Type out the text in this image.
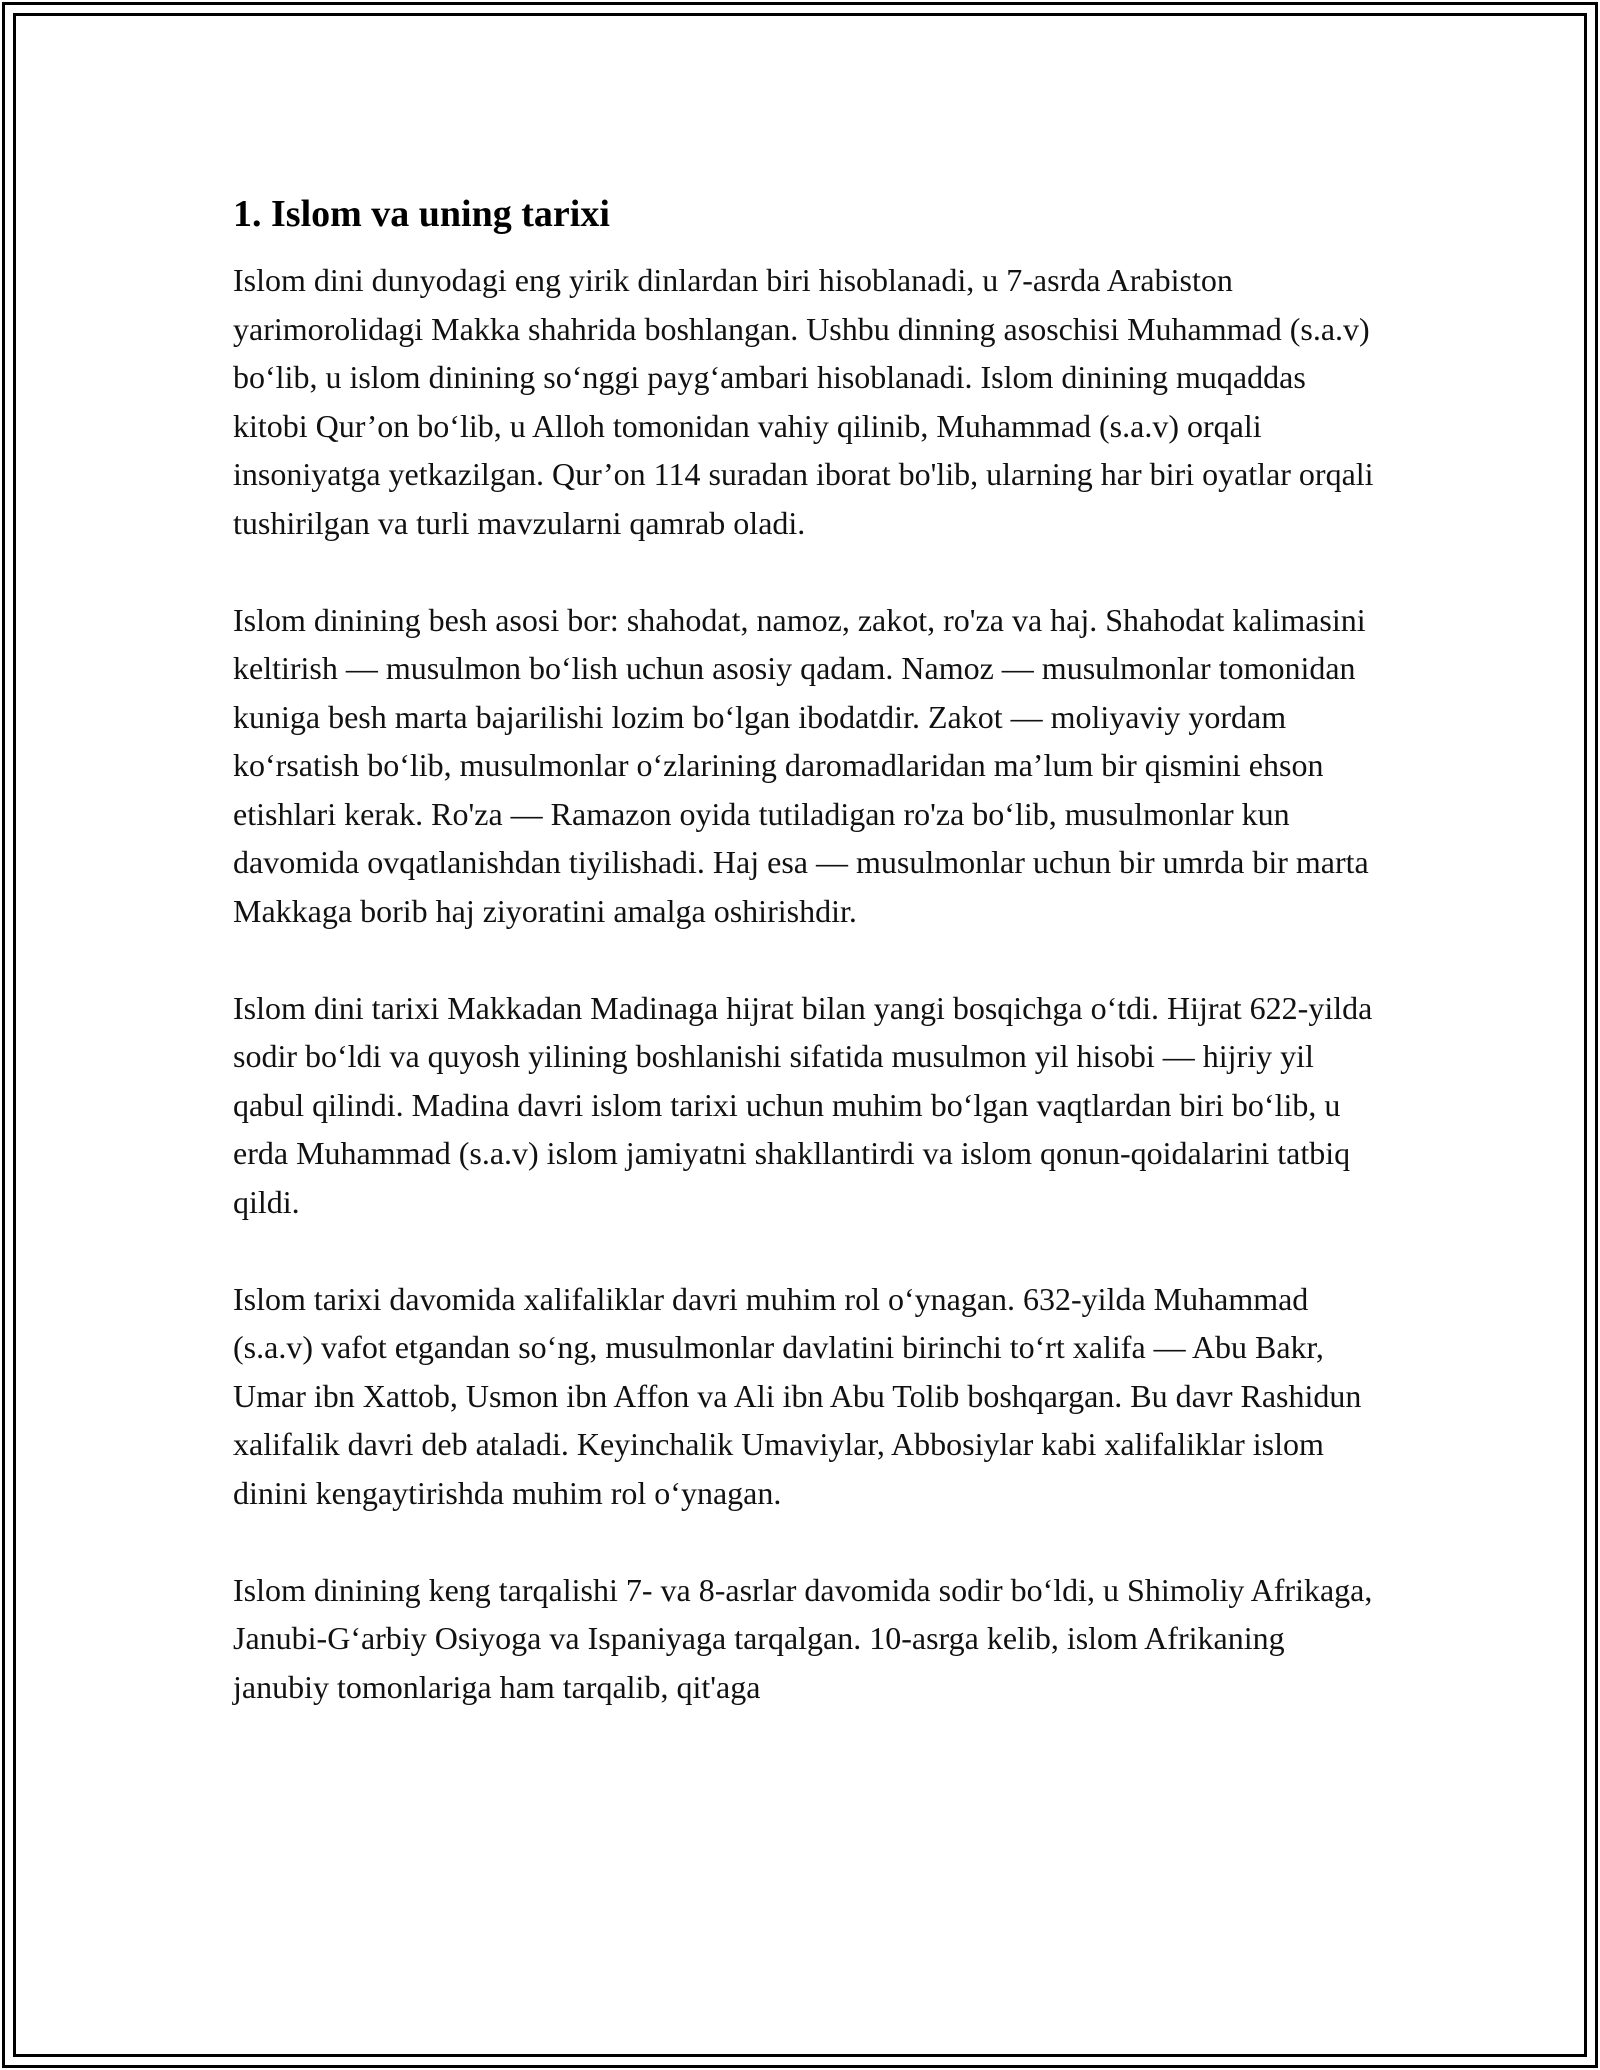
1. Islom va uning tarixi

Islom dini dunyodagi eng yirik dinlardan biri hisoblanadi, u 7-asrda Arabiston yarimorolidagi Makka shahrida boshlangan. Ushbu dinning asoschisi Muhammad (s.a.v) bo‘lib, u islom dinining so‘nggi payg‘ambari hisoblanadi. Islom dinining muqaddas kitobi Qur’on bo‘lib, u Alloh tomonidan vahiy qilinib, Muhammad (s.a.v) orqali insoniyatga yetkazilgan. Qur’on 114 suradan iborat bo'lib, ularning har biri oyatlar orqali tushirilgan va turli mavzularni qamrab oladi.

Islom dinining besh asosi bor: shahodat, namoz, zakot, ro'za va haj. Shahodat kalimasini keltirish — musulmon bo‘lish uchun asosiy qadam. Namoz — musulmonlar tomonidan kuniga besh marta bajarilishi lozim bo‘lgan ibodatdir. Zakot — moliyaviy yordam ko‘rsatish bo‘lib, musulmonlar o‘zlarining daromadlaridan ma’lum bir qismini ehson etishlari kerak. Ro'za — Ramazon oyida tutiladigan ro'za bo‘lib, musulmonlar kun davomida ovqatlanishdan tiyilishadi. Haj esa — musulmonlar uchun bir umrda bir marta Makkaga borib haj ziyoratini amalga oshirishdir.

Islom dini tarixi Makkadan Madinaga hijrat bilan yangi bosqichga o‘tdi. Hijrat 622-yilda sodir bo‘ldi va quyosh yilining boshlanishi sifatida musulmon yil hisobi — hijriy yil qabul qilindi. Madina davri islom tarixi uchun muhim bo‘lgan vaqtlardan biri bo‘lib, u erda Muhammad (s.a.v) islom jamiyatni shakllantirdi va islom qonun-qoidalarini tatbiq qildi.

Islom tarixi davomida xalifaliklar davri muhim rol o‘ynagan. 632-yilda Muhammad (s.a.v) vafot etgandan so‘ng, musulmonlar davlatini birinchi to‘rt xalifa — Abu Bakr, Umar ibn Xattob, Usmon ibn Affon va Ali ibn Abu Tolib boshqargan. Bu davr Rashidun xalifalik davri deb ataladi. Keyinchalik Umaviylar, Abbosiylar kabi xalifaliklar islom dinini kengaytirishda muhim rol o‘ynagan.

Islom dinining keng tarqalishi 7- va 8-asrlar davomida sodir bo‘ldi, u Shimoliy Afrikaga, Janubi-G‘arbiy Osiyoga va Ispaniyaga tarqalgan. 10-asrga kelib, islom Afrikaning janubiy tomonlariga ham tarqalib, qit'aga
